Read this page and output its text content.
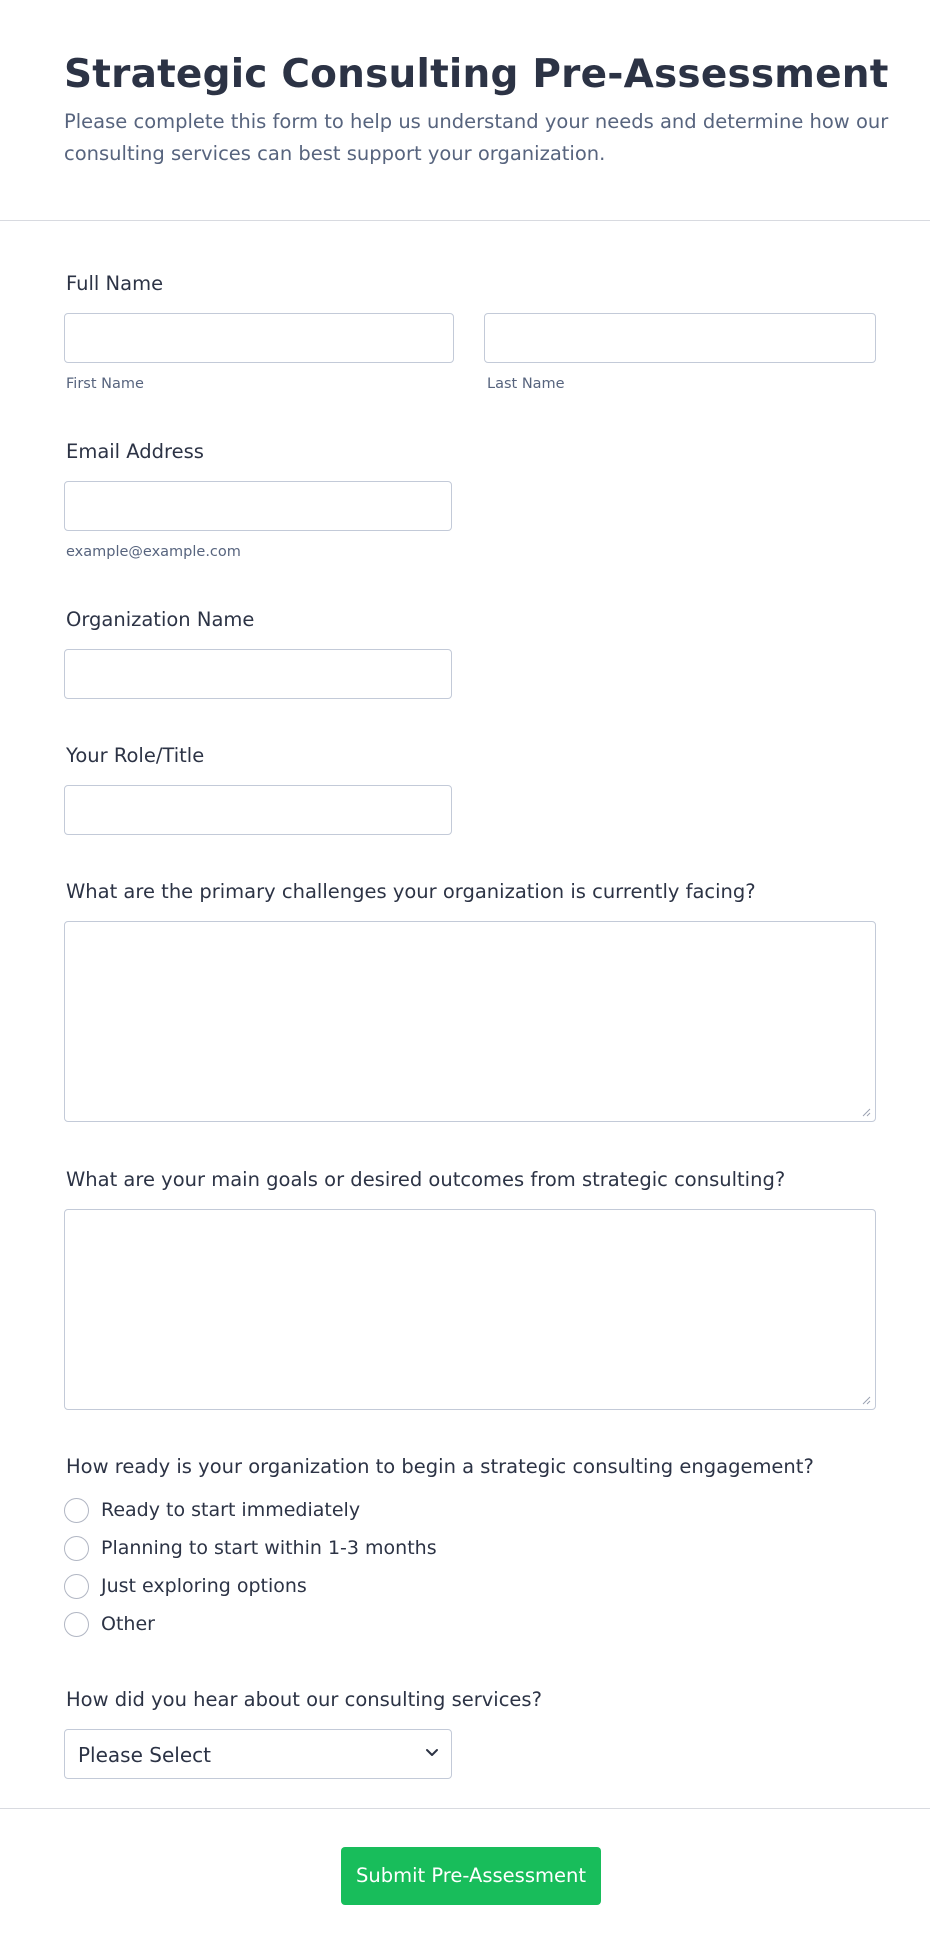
Strategic Consulting Pre-Assessment

Please complete this form to help us understand your needs and determine how our consulting services can best support your organization.

Full Name
First Name	Last Name
Email Address
example@example.com
Organization Name
Your Role/Title
What are the primary challenges your organization is currently facing?
What are your main goals or desired outcomes from strategic consulting?
How ready is your organization to begin a strategic consulting engagement?
Ready to start immediately
Planning to start within 1-3 months
Just exploring options
Other
How did you hear about our consulting services?
Please Select
Submit Pre-Assessment
